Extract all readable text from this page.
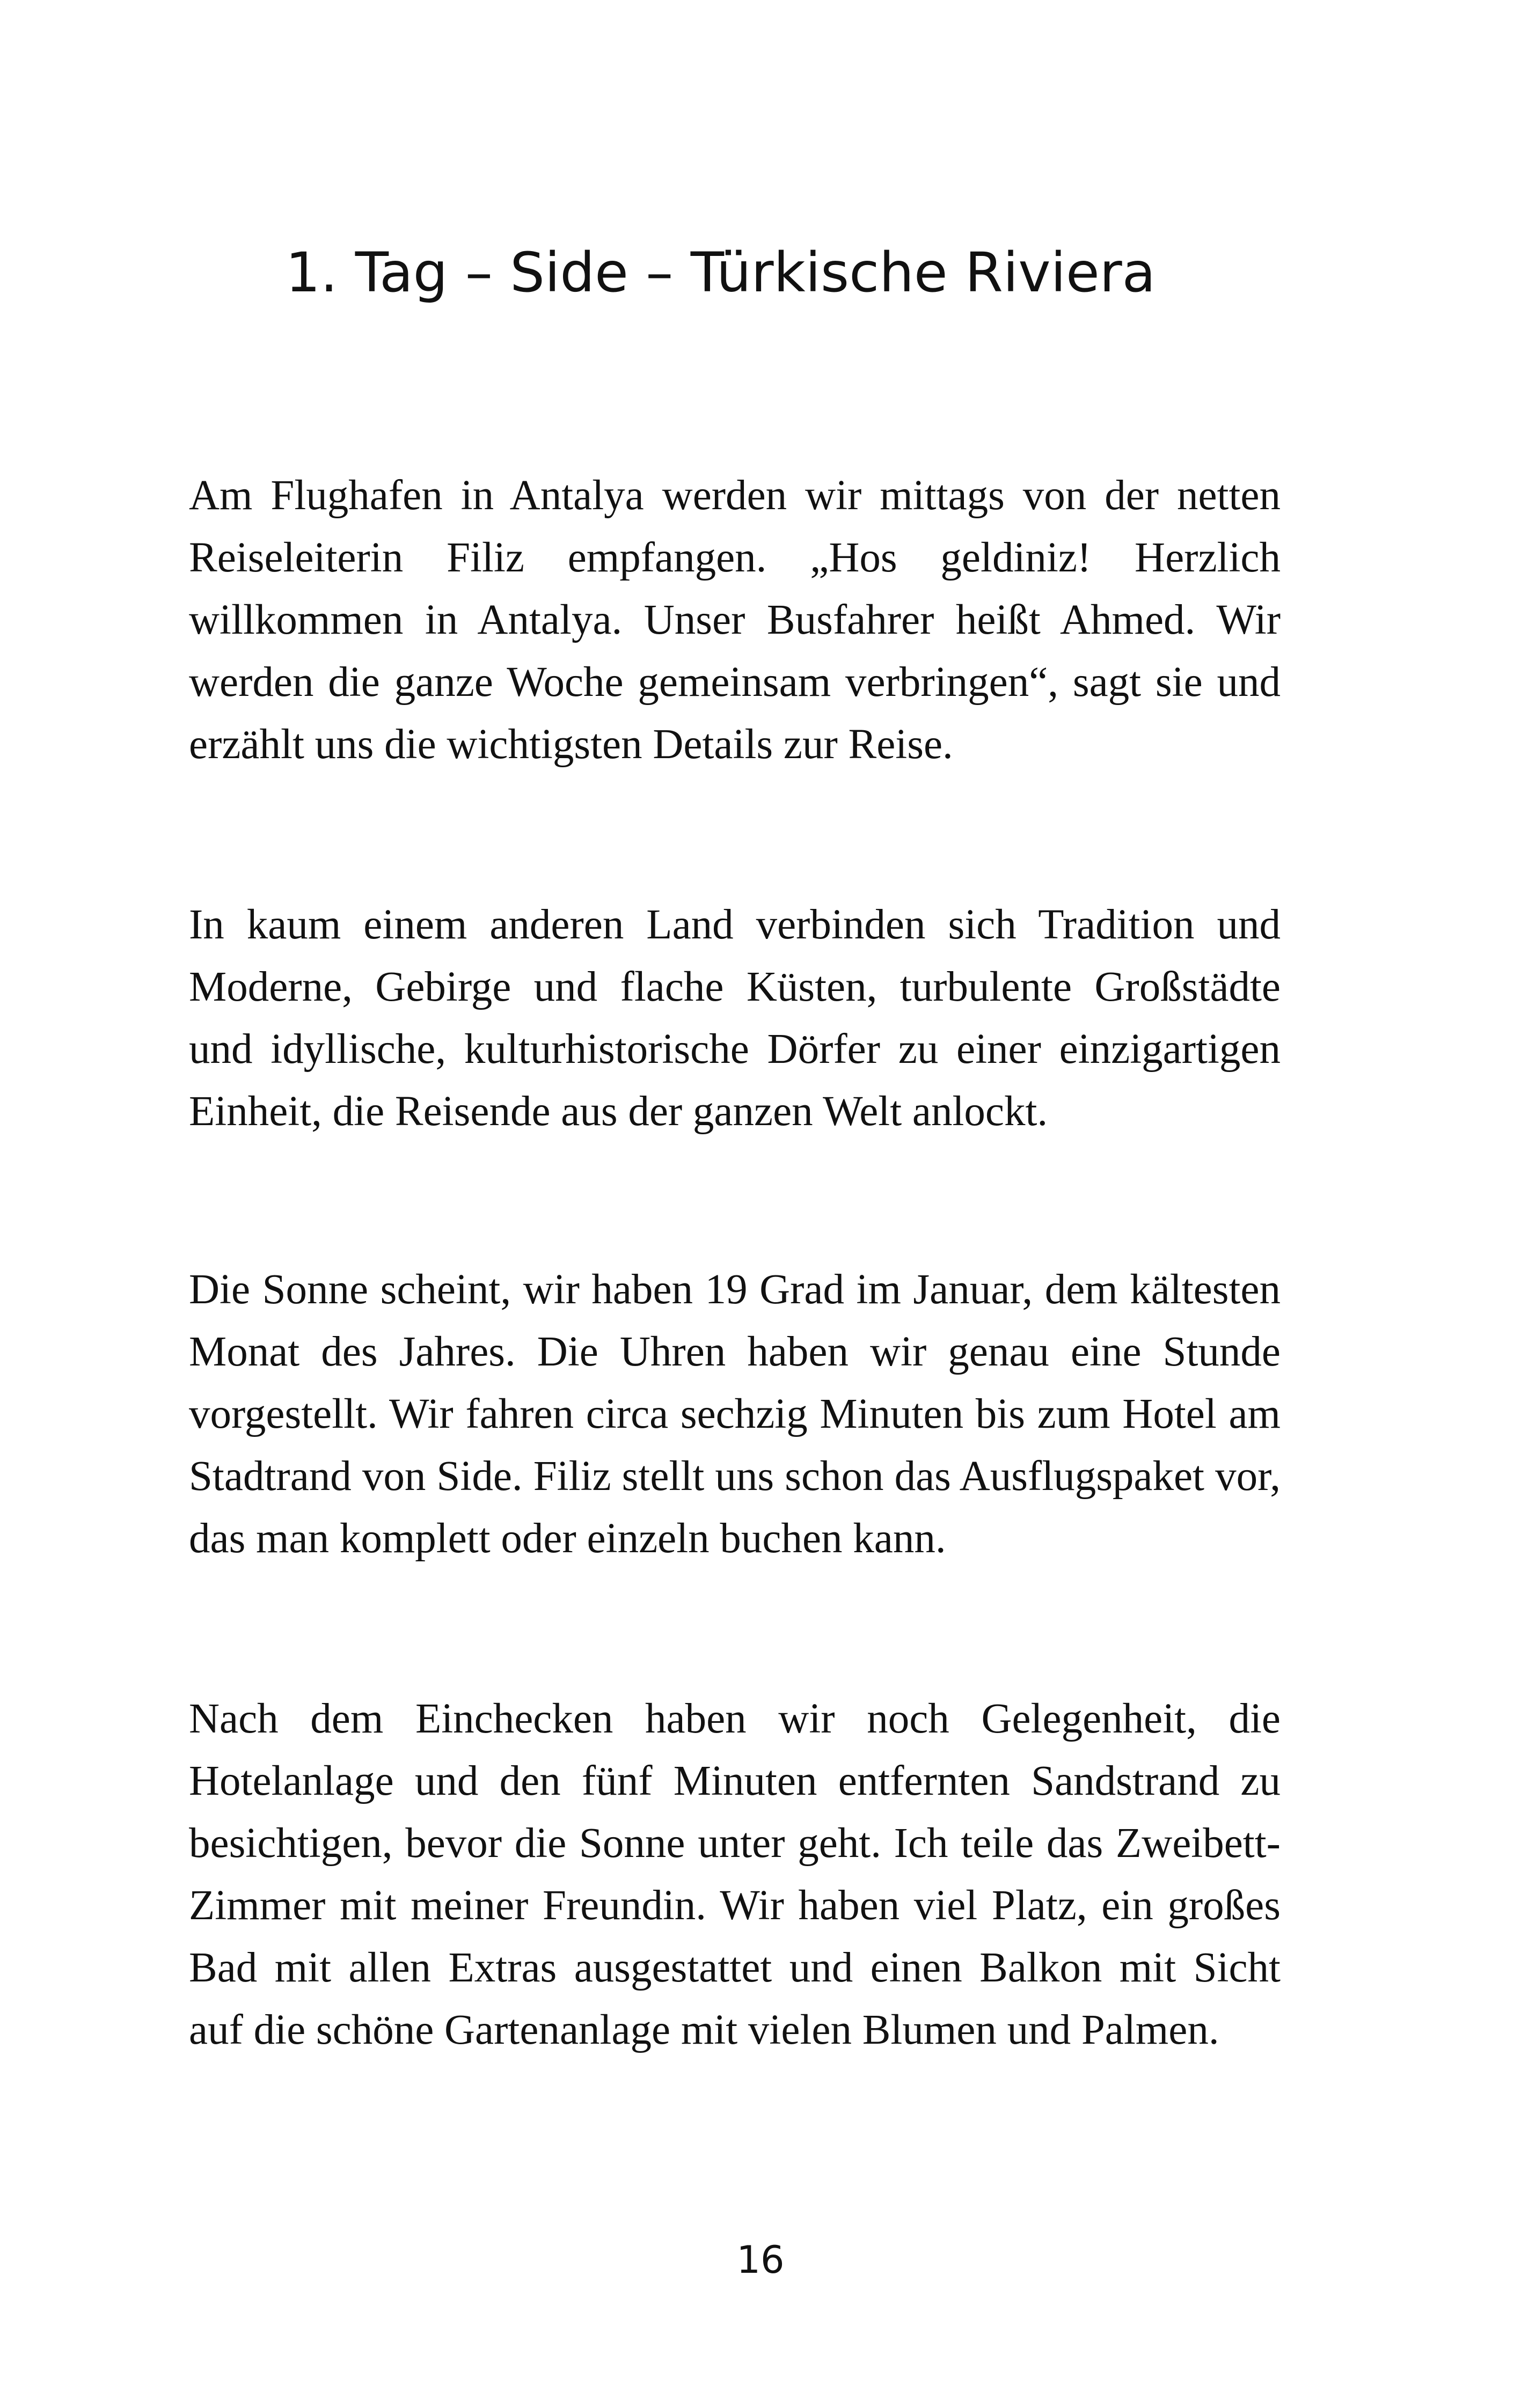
1. Tag – Side – Türkische Riviera

Am Flughafen in Antalya werden wir mittags von der netten Reiseleiterin Filiz empfangen. „Hos geldiniz! Herzlich willkommen in Antalya. Unser Busfahrer heißt Ahmed. Wir werden die ganze Woche gemeinsam verbringen“, sagt sie und erzählt uns die wichtigsten Details zur Reise.

In kaum einem anderen Land verbinden sich Tradition und Moderne, Gebirge und flache Küsten, turbulente Großstädte und idyllische, kulturhistorische Dörfer zu einer einzigartigen Einheit, die Reisende aus der ganzen Welt anlockt.

Die Sonne scheint, wir haben 19 Grad im Januar, dem kältesten Monat des Jahres. Die Uhren haben wir genau eine Stunde vorgestellt. Wir fahren circa sechzig Minuten bis zum Hotel am Stadtrand von Side. Filiz stellt uns schon das Ausflugspaket vor, das man komplett oder einzeln buchen kann.

Nach dem Einchecken haben wir noch Gelegenheit, die Hotelanlage und den fünf Minuten entfernten Sandstrand zu besichtigen, bevor die Sonne unter geht. Ich teile das Zweibett-Zimmer mit meiner Freundin. Wir haben viel Platz, ein großes Bad mit allen Extras ausgestattet und einen Balkon mit Sicht auf die schöne Gartenanlage mit vielen Blumen und Palmen.

16
